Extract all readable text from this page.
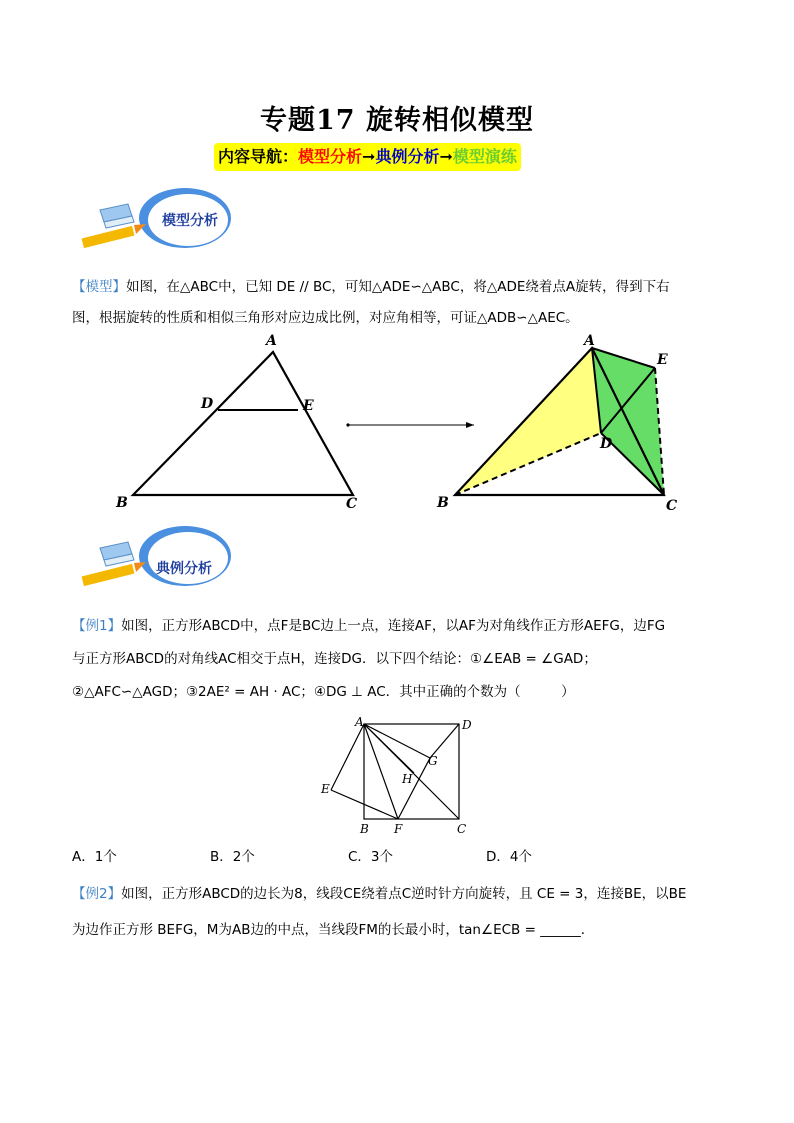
专题17 旋转相似模型
内容导航：模型分析➞典例分析➞模型演练
模型分析
【模型】如图，在△ABC中，已知 DE // BC，可知△ADE∽△ABC，将△ADE绕着点A旋转，得到下右
图，根据旋转的性质和相似三角形对应边成比例，对应角相等，可证△ADB∽△AEC。
A
D	E
B	C
A
E
D
B	C
典例分析
【例1】如图，正方形ABCD中，点F是BC边上一点，连接AF，以AF为对角线作正方形AEFG，边FG
与正方形ABCD的对角线AC相交于点H，连接DG．以下四个结论：①∠EAB = ∠GAD；
②△AFC∽△AGD；③2AE² = AH · AC；④DG ⊥ AC．其中正确的个数为（　　　）
A	D
G
H
E
B F	C
A．1个	B．2个	C．3个	D．4个
【例2】如图，正方形ABCD的边长为8，线段CE绕着点C逆时针方向旋转，且 CE = 3，连接BE，以BE
为边作正方形 BEFG，M为AB边的中点，当线段FM的长最小时，tan∠ECB = ______．
